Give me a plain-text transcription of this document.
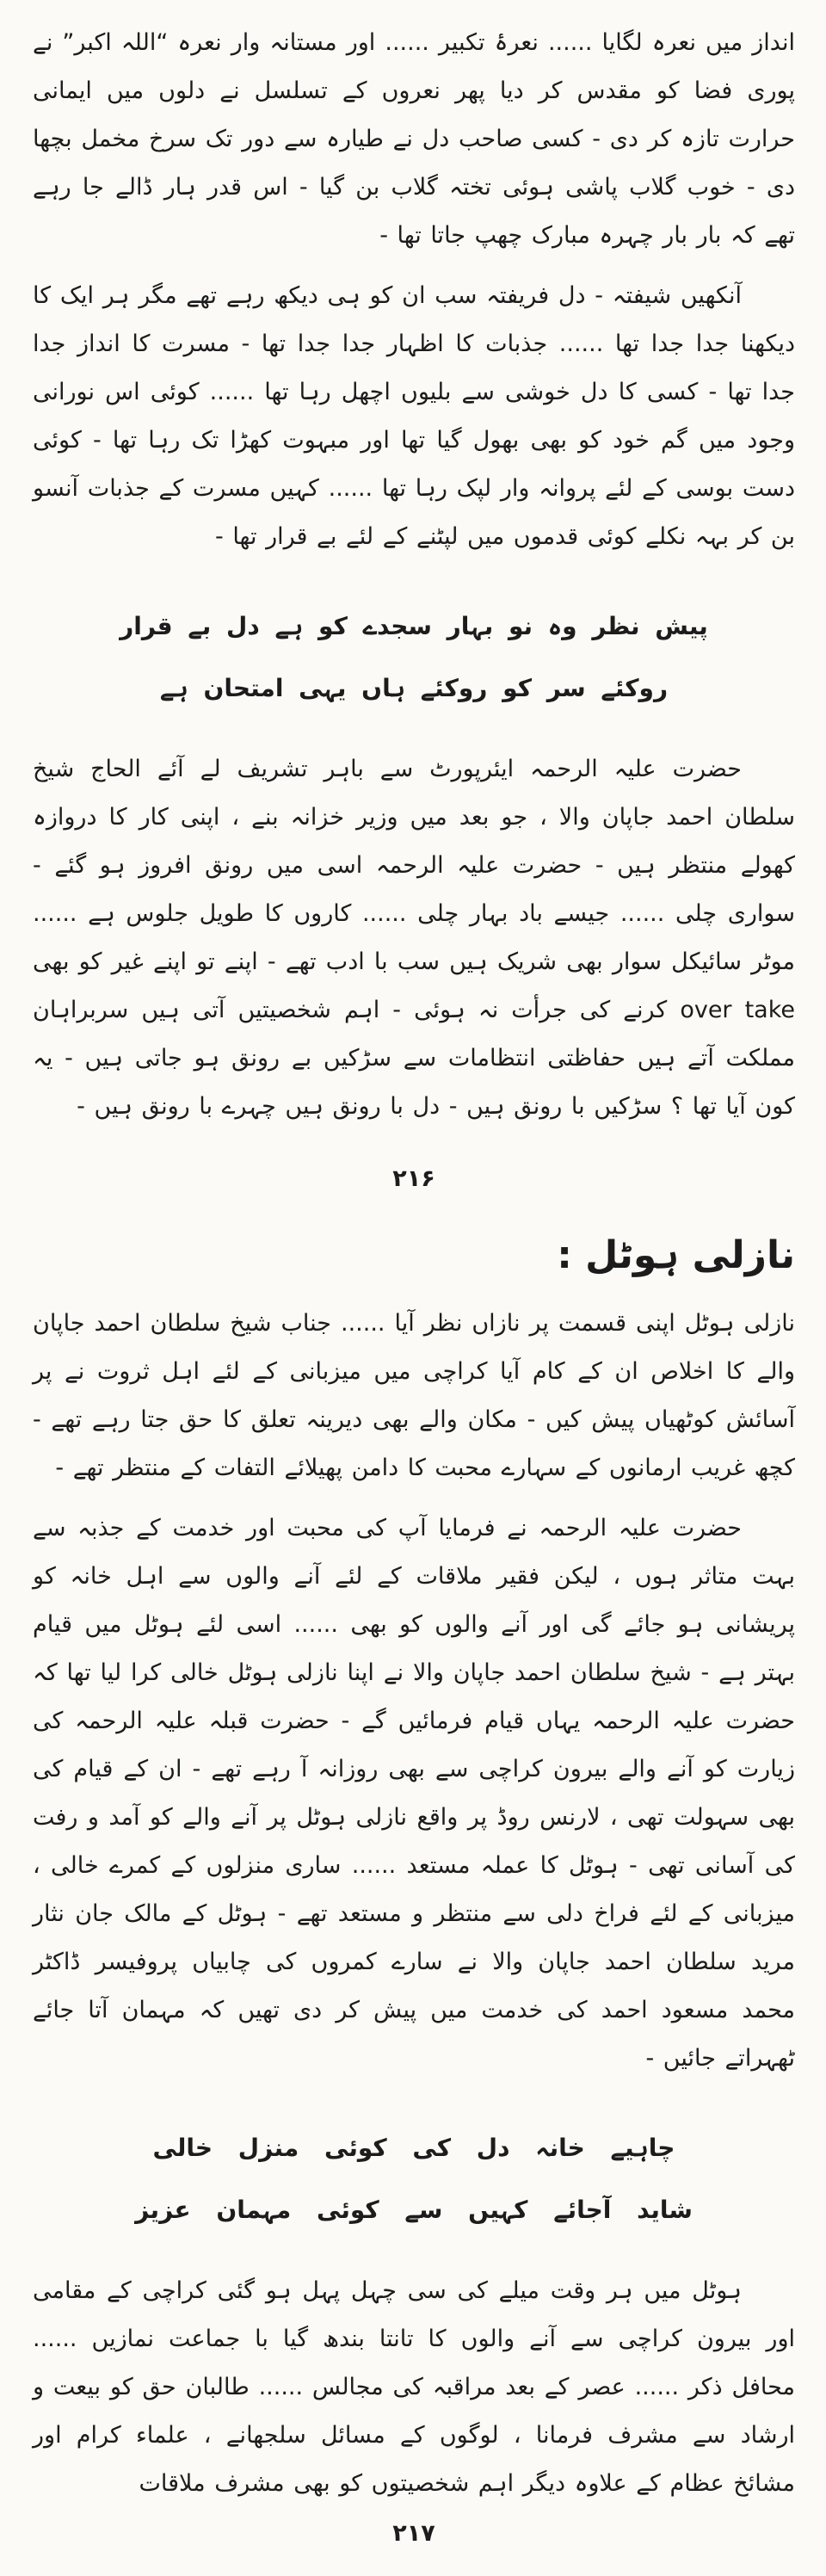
انداز میں نعرہ لگایا ...... نعرۂ تکبیر ...... اور مستانہ وار نعرہ “اللہ اکبر” نے پوری فضا کو مقدس کر دیا پھر نعروں کے تسلسل نے دلوں میں ایمانی حرارت تازہ کر دی - کسی صاحب دل نے طیارہ سے دور تک سرخ مخمل بچھا دی - خوب گلاب پاشی ہوئی تختہ گلاب بن گیا - اس قدر ہار ڈالے جا رہے تھے کہ بار بار چہرہ مبارک چھپ جاتا تھا -

آنکھیں شیفتہ - دل فریفتہ سب ان کو ہی دیکھ رہے تھے مگر ہر ایک کا دیکھنا جدا جدا تھا ...... جذبات کا اظہار جدا جدا تھا - مسرت کا انداز جدا جدا تھا - کسی کا دل خوشی سے بلیوں اچھل رہا تھا ...... کوئی اس نورانی وجود میں گم خود کو بھی بھول گیا تھا اور مبہوت کھڑا تک رہا تھا - کوئی دست بوسی کے لئے پروانہ وار لپک رہا تھا ...... کہیں مسرت کے جذبات آنسو بن کر بہہ نکلے کوئی قدموں میں لپٹنے کے لئے بے قرار تھا -

پیش نظر وہ نو بہار سجدے کو ہے دل بے قرار
روکئے سر کو روکئے ہاں یہی امتحان ہے

حضرت علیہ الرحمہ ایئرپورٹ سے باہر تشریف لے آئے الحاج شیخ سلطان احمد جاپان والا ، جو بعد میں وزیر خزانہ بنے ، اپنی کار کا دروازہ کھولے منتظر ہیں - حضرت علیہ الرحمہ اسی میں رونق افروز ہو گئے - سواری چلی ...... جیسے باد بہار چلی ...... کاروں کا طویل جلوس ہے ...... موٹر سائیکل سوار بھی شریک ہیں سب با ادب تھے - اپنے تو اپنے غیر کو بھی over take کرنے کی جرأت نہ ہوئی - اہم شخصیتیں آتی ہیں سربراہان مملکت آتے ہیں حفاظتی انتظامات سے سڑکیں بے رونق ہو جاتی ہیں - یہ کون آیا تھا ؟ سڑکیں با رونق ہیں - دل با رونق ہیں چہرے با رونق ہیں -

۲۱۶
نازلی ہوٹل :

نازلی ہوٹل اپنی قسمت پر نازاں نظر آیا ...... جناب شیخ سلطان احمد جاپان والے کا اخلاص ان کے کام آیا کراچی میں میزبانی کے لئے اہل ثروت نے پر آسائش کوٹھیاں پیش کیں - مکان والے بھی دیرینہ تعلق کا حق جتا رہے تھے - کچھ غریب ارمانوں کے سہارے محبت کا دامن پھیلائے التفات کے منتظر تھے -

حضرت علیہ الرحمہ نے فرمایا آپ کی محبت اور خدمت کے جذبہ سے بہت متاثر ہوں ، لیکن فقیر ملاقات کے لئے آنے والوں سے اہل خانہ کو پریشانی ہو جائے گی اور آنے والوں کو بھی ...... اسی لئے ہوٹل میں قیام بہتر ہے - شیخ سلطان احمد جاپان والا نے اپنا نازلی ہوٹل خالی کرا لیا تھا کہ حضرت علیہ الرحمہ یہاں قیام فرمائیں گے - حضرت قبلہ علیہ الرحمہ کی زیارت کو آنے والے بیرون کراچی سے بھی روزانہ آ رہے تھے - ان کے قیام کی بھی سہولت تھی ، لارنس روڈ پر واقع نازلی ہوٹل پر آنے والے کو آمد و رفت کی آسانی تھی - ہوٹل کا عملہ مستعد ...... ساری منزلوں کے کمرے خالی ، میزبانی کے لئے فراخ دلی سے منتظر و مستعد تھے - ہوٹل کے مالک جان نثار مرید سلطان احمد جاپان والا نے سارے کمروں کی چابیاں پروفیسر ڈاکٹر محمد مسعود احمد کی خدمت میں پیش کر دی تھیں کہ مہمان آتا جائے ٹھہراتے جائیں -

چاہیے خانہ دل کی کوئی منزل خالی
شاید آجائے کہیں سے کوئی مہمان عزیز

ہوٹل میں ہر وقت میلے کی سی چہل پہل ہو گئی کراچی کے مقامی اور بیرون کراچی سے آنے والوں کا تانتا بندھ گیا با جماعت نمازیں ...... محافل ذکر ...... عصر کے بعد مراقبہ کی مجالس ...... طالبان حق کو بیعت و ارشاد سے مشرف فرمانا ، لوگوں کے مسائل سلجھانے ، علماء کرام اور مشائخ عظام کے علاوہ دیگر اہم شخصیتوں کو بھی مشرف ملاقات

۲۱۷
